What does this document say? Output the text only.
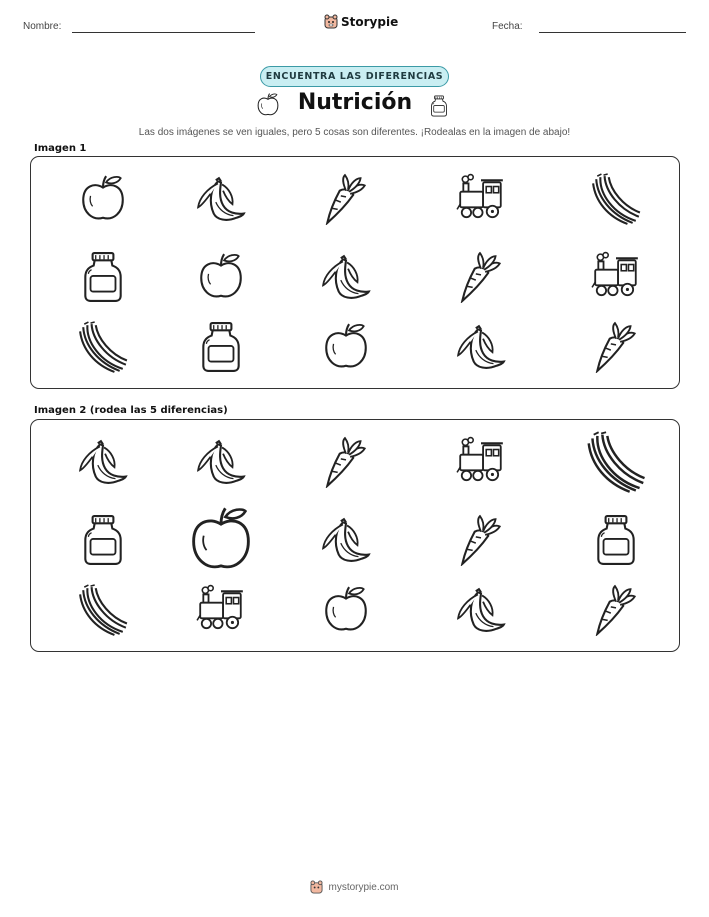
Nombre:	Storypie	Fecha:
ENCUENTRA LAS DIFERENCIAS
Nutrición
Las dos imágenes se ven iguales, pero 5 cosas son diferentes. ¡Rodealas en la imagen de abajo!
Imagen 1
Imagen 2 (rodea las 5 diferencias)
mystorypie.com
